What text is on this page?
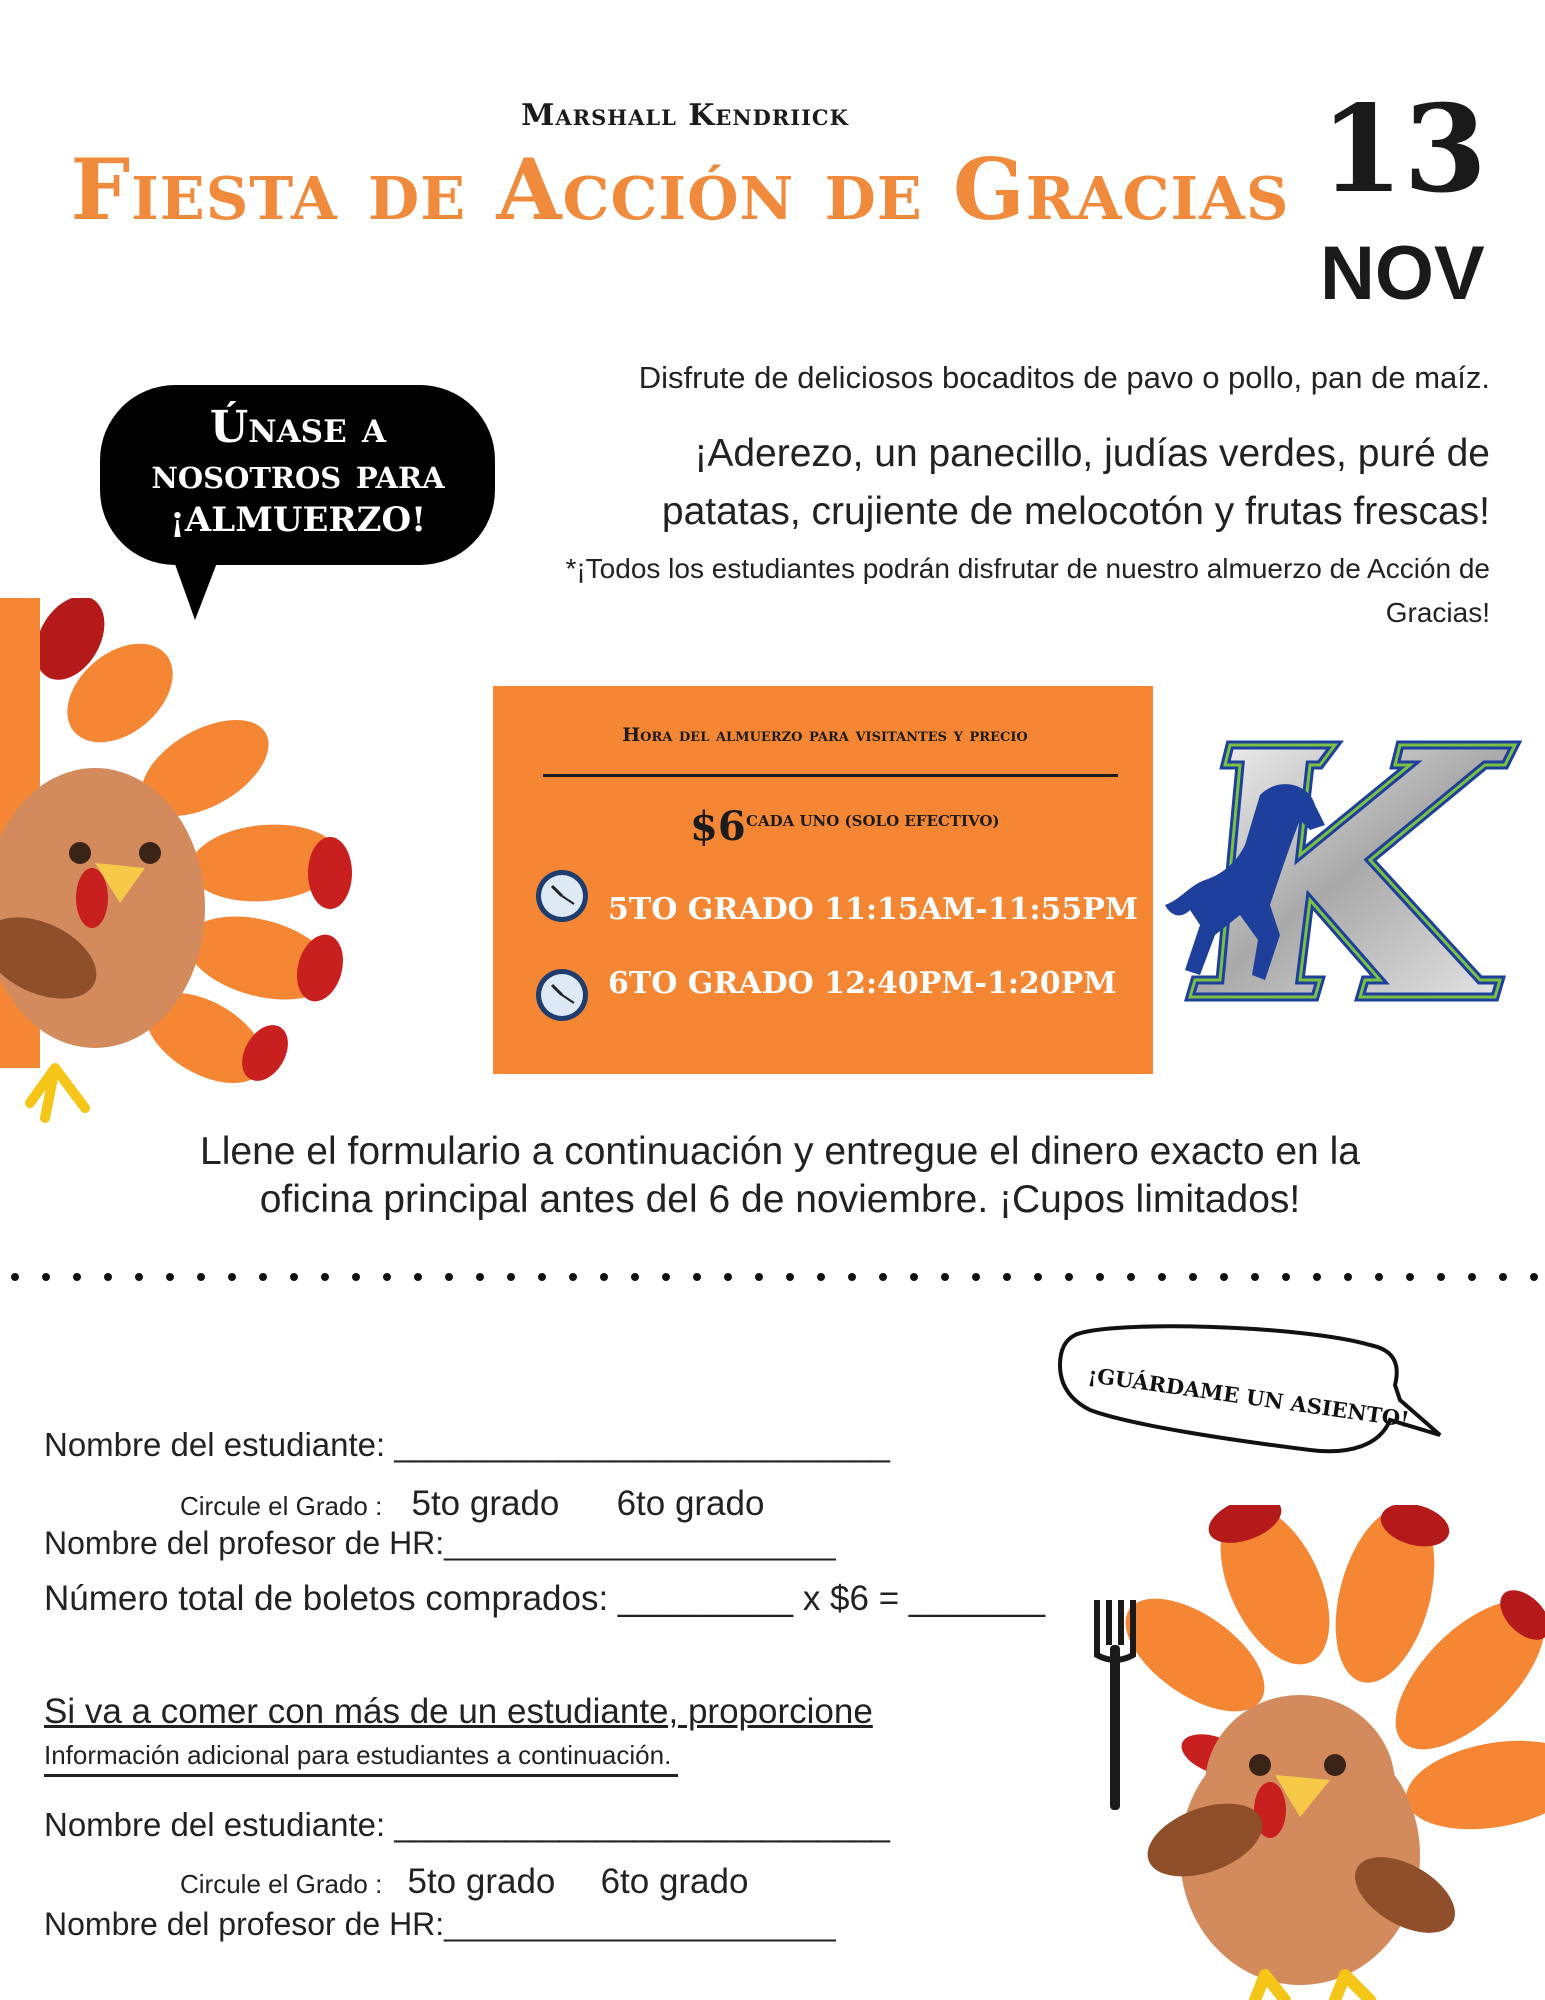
Marshall Kendriick
Fiesta de Acción de Gracias 13
NOV
Disfrute de deliciosos bocaditos de pavo o pollo, pan de maíz.
¡Aderezo, un panecillo, judías verdes, puré de patatas, crujiente de melocotón y frutas frescas!
*¡Todos los estudiantes podrán disfrutar de nuestro almuerzo de Acción de Gracias!
Únase a
nosotros para
¡ALMUERZO!
Hora del almuerzo para visitantes y precio
$6 CADA UNO (SOLO EFECTIVO)
5TO GRADO 11:15AM-11:55PM
6TO GRADO 12:40PM-1:20PM
Llene el formulario a continuación y entregue el dinero exacto en la oficina principal antes del 6 de noviembre. ¡Cupos limitados!
¡GUÁRDAME UN ASIENTO!
Nombre del estudiante: ___________________________
Circule el Grado : 5to grado 6to grado
Nombre del profesor de HR:______________________
Número total de boletos comprados: _________ x $6 = _______
Si va a comer con más de un estudiante, proporcione
Información adicional para estudiantes a continuación.
Nombre del estudiante: ___________________________
Circule el Grado : 5to grado 6to grado
Nombre del profesor de HR:______________________
